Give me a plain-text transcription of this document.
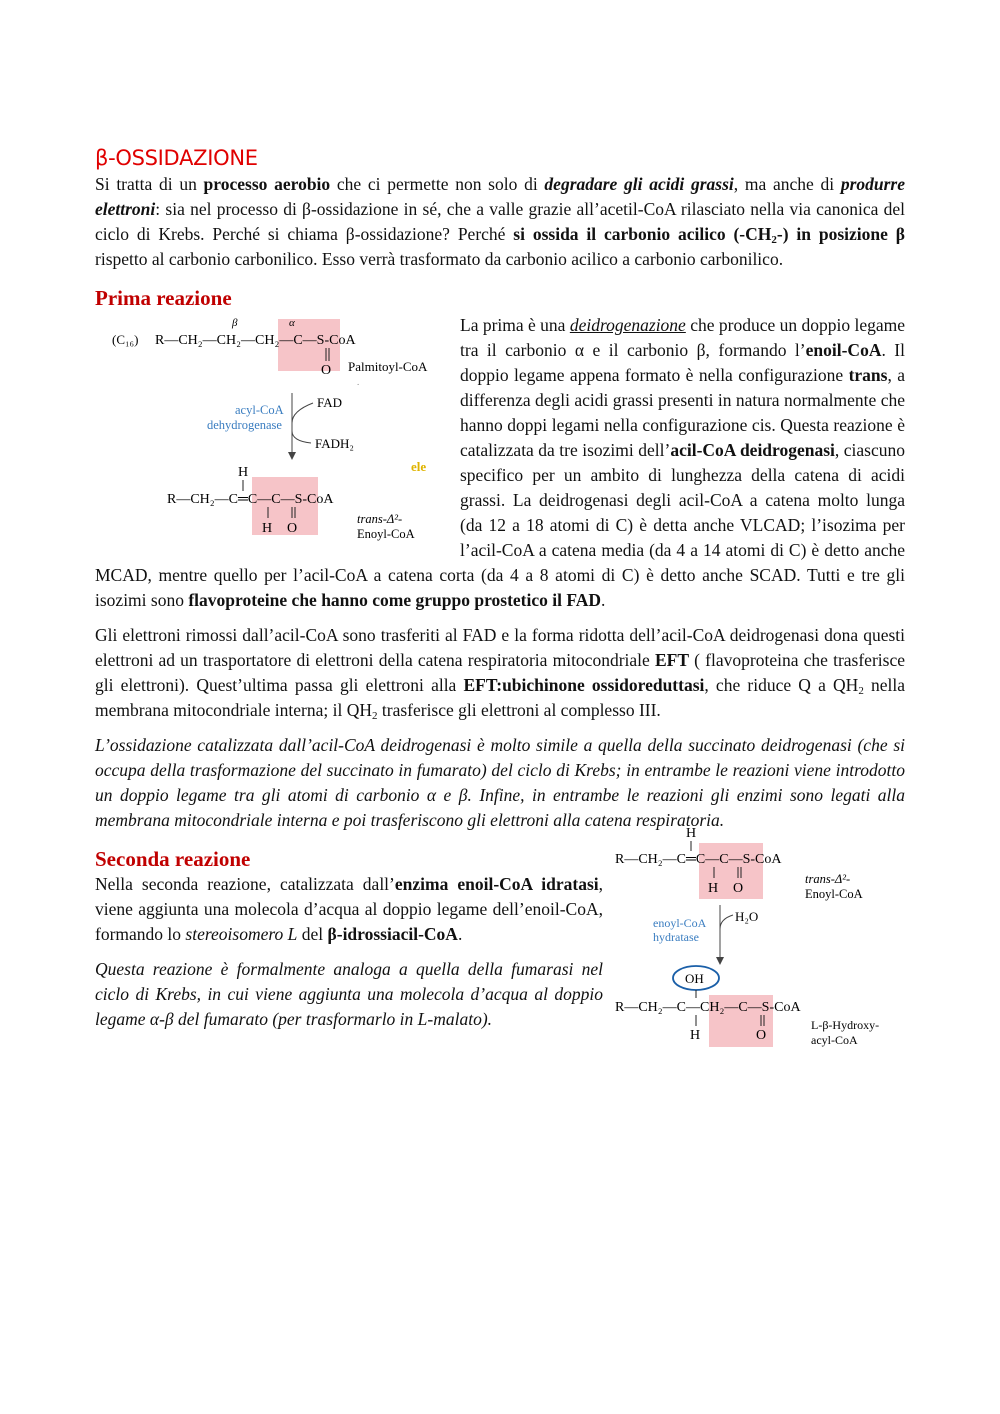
β-OSSIDAZIONE

Si tratta di un processo aerobio che ci permette non solo di degradare gli acidi grassi, ma anche di produrre elettroni: sia nel processo di β-ossidazione in sé, che a valle grazie all’acetil-CoA rilasciato nella via canonica del ciclo di Krebs. Perché si chiama β-ossidazione? Perché si ossida il carbonio acilico $(-CH_2-)$ in posizione β rispetto al carbonio carbonilico. Esso verrà trasformato da carbonio acilico a carbonio carbonilico.

Prima reazione
(C₁₆)
β	α
R—CH₂—CH₂—CH₂—C—S-CoA
O Palmitoyl-CoA
.
acyl-CoA
dehydrogenase
FAD
FADH₂
ele
H
R—CH₂—C═C—C—S-CoA
H O
trans-Δ²-
Enoyl-CoA

La prima è una deidrogenazione che produce un doppio legame tra il carbonio α e il carbonio β, formando l’enoil-CoA. Il doppio legame appena formato è nella configurazione trans, a differenza degli acidi grassi presenti in natura normalmente che hanno doppi legami nella configurazione cis. Questa reazione è catalizzata da tre isozimi dell’acil-CoA deidrogenasi, ciascuno specifico per un ambito di lunghezza della catena di acidi grassi. La deidrogenasi degli acil-CoA a catena molto lunga (da 12 a 18 atomi di C) è detta anche VLCAD; l’isozima per l’acil-CoA a catena media (da 4 a 14 atomi di C) è detto anche MCAD, mentre quello per l’acil-CoA a catena corta (da 4 a 8 atomi di C) è detto anche SCAD. Tutti e tre gli isozimi sono flavoproteine che hanno come gruppo prostetico il FAD.

Gli elettroni rimossi dall’acil-CoA sono trasferiti al FAD e la forma ridotta dell’acil-CoA deidrogenasi dona questi elettroni ad un trasportatore di elettroni della catena respiratoria mitocondriale EFT ( flavoproteina che trasferisce gli elettroni). Quest’ultima passa gli elettroni alla EFT:ubichinone ossidoreduttasi, che riduce Q a $QH_2$ nella membrana mitocondriale interna; il $QH_2$ trasferisce gli elettroni al complesso III.

L’ossidazione catalizzata dall’acil-CoA deidrogenasi è molto simile a quella della succinato deidrogenasi (che si occupa della trasformazione del succinato in fumarato) del ciclo di Krebs; in entrambe le reazioni viene introdotto un doppio legame tra gli atomi di carbonio α e β. Infine, in entrambe le reazioni gli enzimi sono legati alla membrana mitocondriale interna e poi trasferiscono gli elettroni alla catena respiratoria.

H
R—CH₂—C═C—C—S-CoA
H O
trans-Δ²-
Enoyl-CoA
enoyl-CoA
hydratase
H₂O
OH
R—CH₂—C—CH₂—C—S-CoA
H	O
L-β-Hydroxy-
acyl-CoA
Seconda reazione

Nella seconda reazione, catalizzata dall’enzima enoil-CoA idratasi, viene aggiunta una molecola d’acqua al doppio legame dell’enoil-CoA, formando lo stereoisomero L del β-idrossiacil-CoA.

Questa reazione è formalmente analoga a quella della fumarasi nel ciclo di Krebs, in cui viene aggiunta una molecola d’acqua al doppio legame α-β del fumarato (per trasformarlo in L-malato).
